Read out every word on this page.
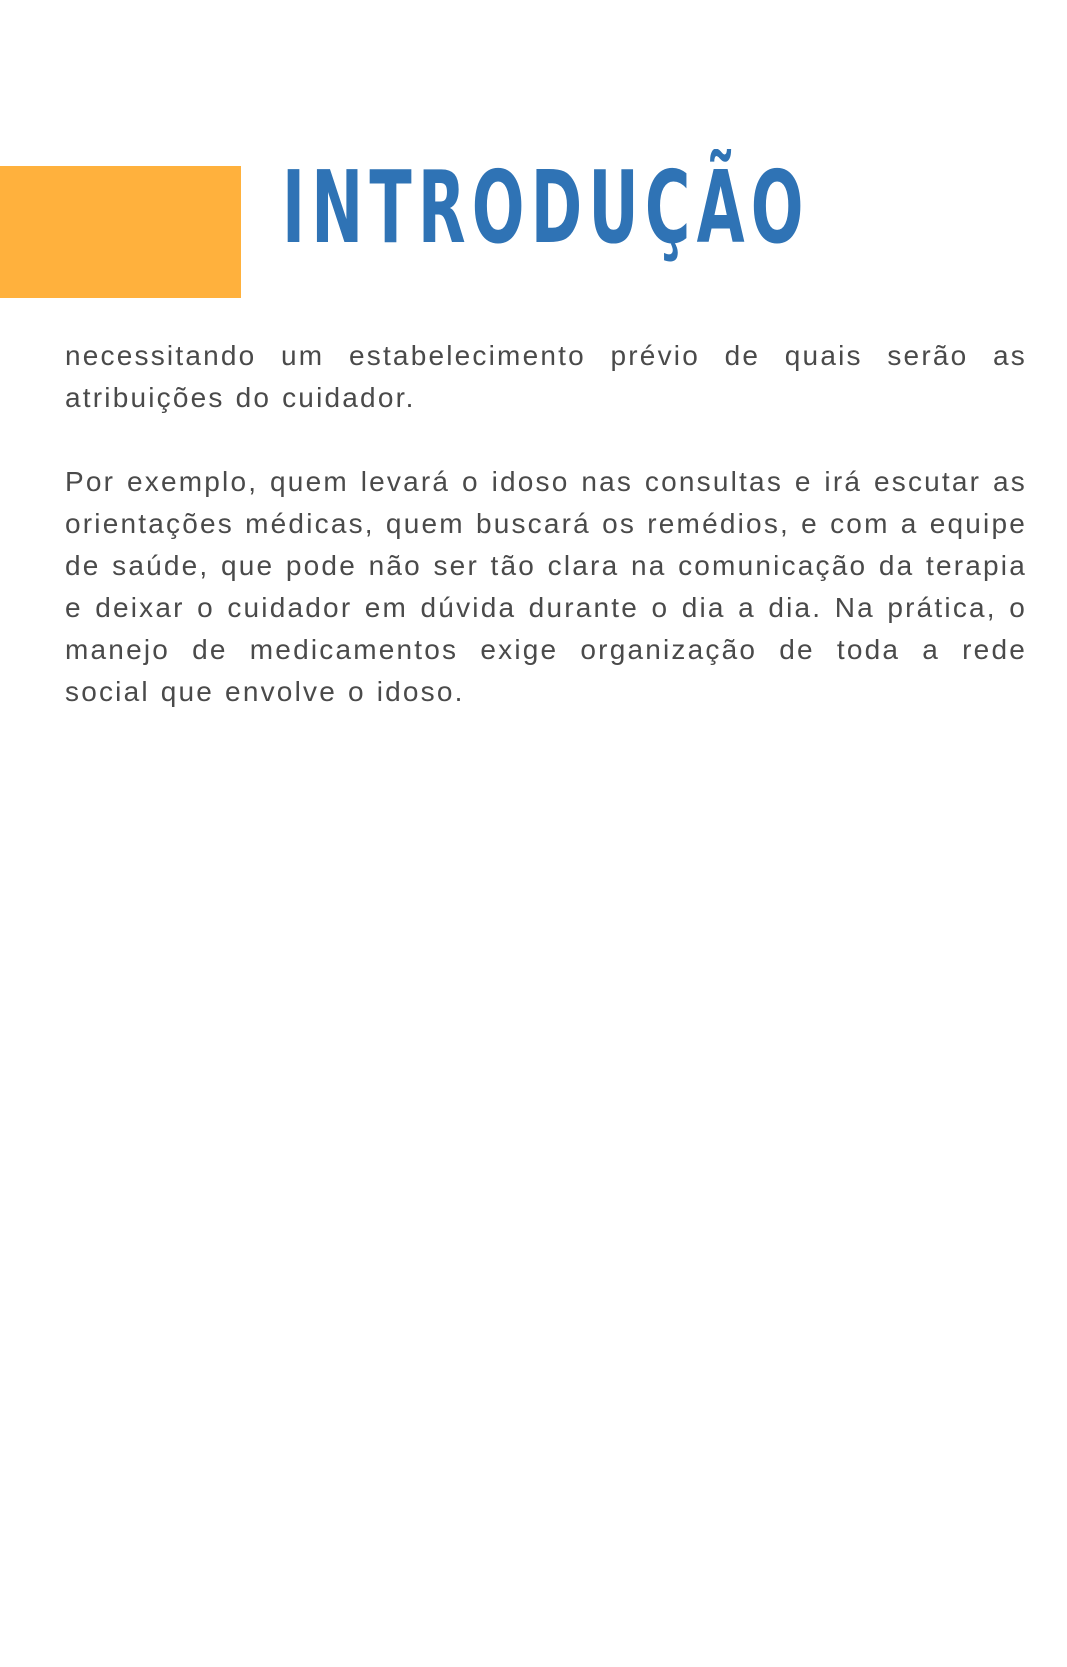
INTRODUÇÃO

necessitando um estabelecimento prévio de quais serão as atribuições do cuidador.

Por exemplo, quem levará o idoso nas consultas e irá escutar as orientações médicas, quem buscará os remédios, e com a equipe de saúde, que pode não ser tão clara na comunicação da terapia e deixar o cuidador em dúvida durante o dia a dia. Na prática, o manejo de medicamentos exige organização de toda a rede social que envolve o idoso.
